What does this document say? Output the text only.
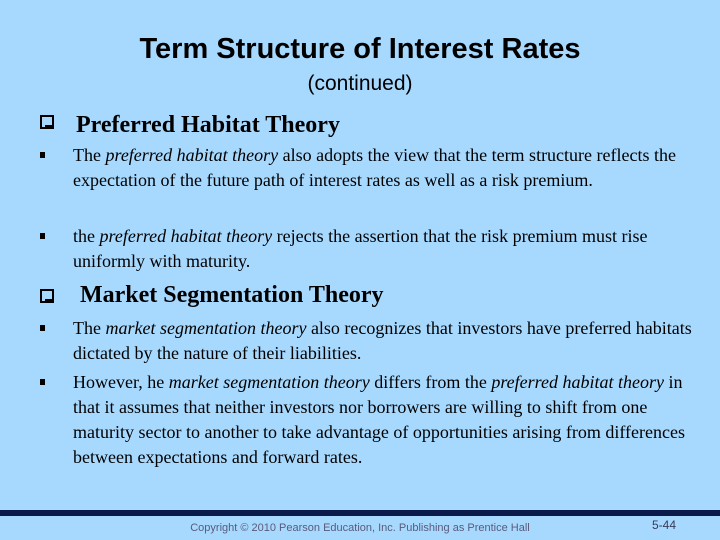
Term Structure of Interest Rates
(continued)
Preferred Habitat Theory
The preferred habitat theory also adopts the view that the term structure reflects the expectation of the future path of interest rates as well as a risk premium.
the preferred habitat theory rejects the assertion that the risk premium must rise uniformly with maturity.
Market Segmentation Theory
The market segmentation theory also recognizes that investors have preferred habitats dictated by the nature of their liabilities.
However, he market segmentation theory differs from the preferred habitat theory in that it assumes that neither investors nor borrowers are willing to shift from one maturity sector to another to take advantage of opportunities arising from differences between expectations and forward rates.
Copyright © 2010 Pearson Education, Inc. Publishing as Prentice Hall	5-44
